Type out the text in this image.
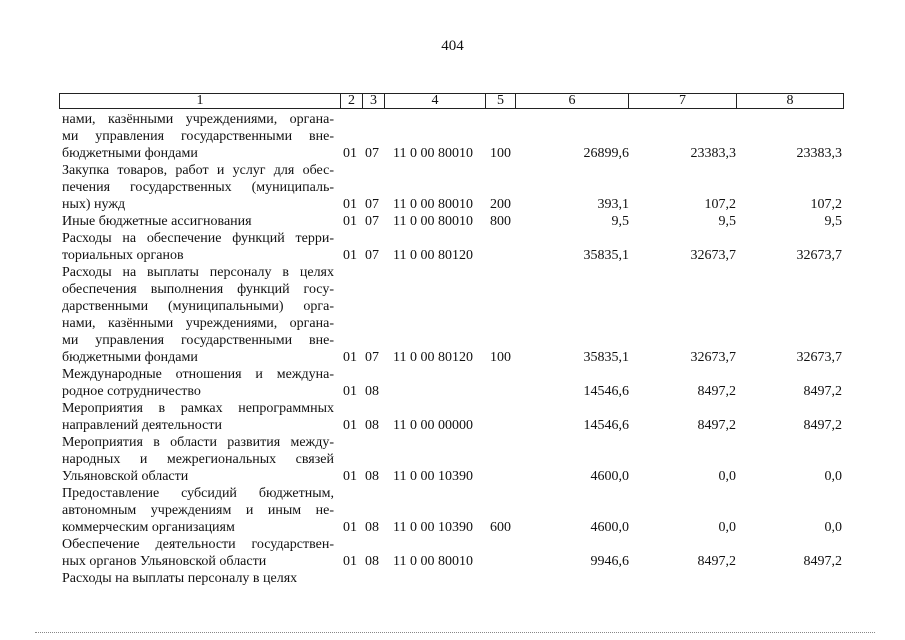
404
1	2	3	4	5	6	7	8
нами, казёнными учреждениями, органа-
ми управления государственными вне-
бюджетными фондами	01 07 11 0 00 80010 100	26899,6	23383,3	23383,3
Закупка товаров, работ и услуг для обес-
печения государственных (муниципаль-
ных) нужд	01 07 11 0 00 80010 200	393,1	107,2	107,2
Иные бюджетные ассигнования	01 07 11 0 00 80010 800	9,5	9,5	9,5
Расходы на обеспечение функций терри-
ториальных органов	01 07 11 0 00 80120	35835,1	32673,7	32673,7
Расходы на выплаты персоналу в целях
обеспечения выполнения функций госу-
дарственными (муниципальными) орга-
нами, казёнными учреждениями, органа-
ми управления государственными вне-
бюджетными фондами	01 07 11 0 00 80120 100	35835,1	32673,7	32673,7
Международные отношения и междуна-
родное сотрудничество	01 08	14546,6	8497,2	8497,2
Мероприятия в рамках непрограммных
направлений деятельности	01 08 11 0 00 00000	14546,6	8497,2	8497,2
Мероприятия в области развития между-
народных и межрегиональных связей
Ульяновской области	01 08 11 0 00 10390	4600,0	0,0	0,0
Предоставление субсидий бюджетным,
автономным учреждениям и иным не-
коммерческим организациям	01 08 11 0 00 10390 600	4600,0	0,0	0,0
Обеспечение деятельности государствен-
ных органов Ульяновской области	01 08 11 0 00 80010	9946,6	8497,2	8497,2
Расходы на выплаты персоналу в целях
